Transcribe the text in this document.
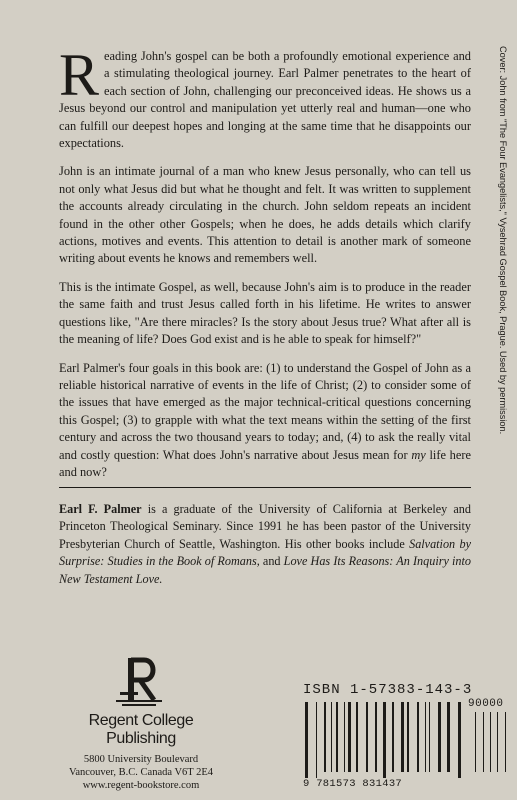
Cover: John from "The Four Evangelists," Vysehrad Gospel Book, Prague. Used by permission.

Reading John's gospel can be both a profoundly emotional experience and a stimulating theological journey. Earl Palmer penetrates to the heart of each section of John, challenging our preconceived ideas. He shows us a Jesus beyond our control and manipulation yet utterly real and human—one who can fulfill our deepest hopes and longing at the same time that he disappoints our expectations.

John is an intimate journal of a man who knew Jesus personally, who can tell us not only what Jesus did but what he thought and felt. It was written to supplement the accounts already circulating in the church. John seldom repeats an incident found in the other other Gospels; when he does, he adds details which clarify actions, motives and events. This attention to detail is another mark of someone writing about events he knows and remembers well.

This is the intimate Gospel, as well, because John's aim is to produce in the reader the same faith and trust Jesus called forth in his lifetime. He writes to answer questions like, "Are there miracles? Is the story about Jesus true? What after all is the meaning of life? Does God exist and is he able to speak for himself?"

Earl Palmer's four goals in this book are: (1) to understand the Gospel of John as a reliable historical narrative of events in the life of Christ; (2) to consider some of the issues that have emerged as the major technical-critical questions concerning this Gospel; (3) to grapple with what the text means within the setting of the first century and across the two thousand years to today; and, (4) to ask the really vital and costly question: What does John's narrative about Jesus mean for my life here and now?

Earl F. Palmer is a graduate of the University of California at Berkeley and Princeton Theological Seminary. Since 1991 he has been pastor of the University Presbyterian Church of Seattle, Washington. His other books include Salvation by Surprise: Studies in the Book of Romans, and Love Has Its Reasons: An Inquiry into New Testament Love.
Regent College Publishing
5800 University Boulevard
Vancouver, B.C. Canada V6T 2E4
www.regent-bookstore.com
ISBN 1-57383-143-3
90000
9 781573 831437
